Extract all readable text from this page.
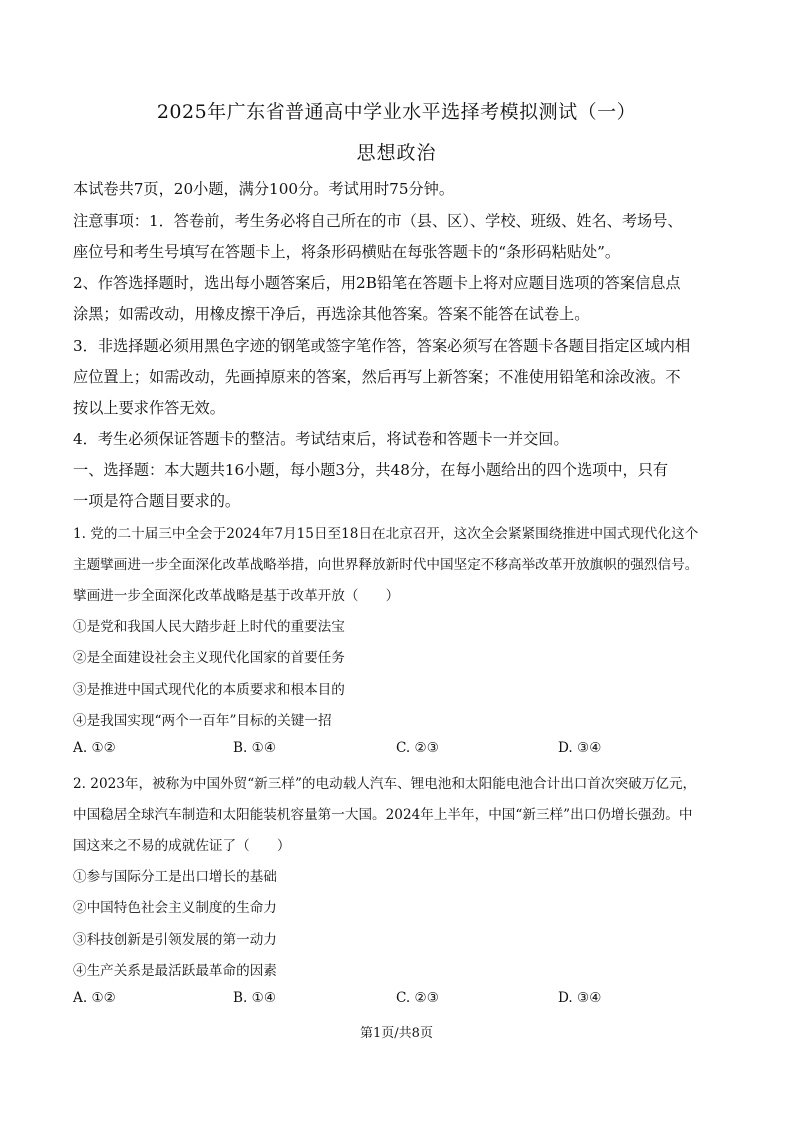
2025年广东省普通高中学业水平选择考模拟测试（一）
思想政治
本试卷共7页，20小题，满分100分。考试用时75分钟。
注意事项：1．答卷前，考生务必将自己所在的市（县、区）、学校、班级、姓名、考场号、
座位号和考生号填写在答题卡上，将条形码横贴在每张答题卡的“条形码粘贴处”。
2、作答选择题时，选出每小题答案后，用2B铅笔在答题卡上将对应题目选项的答案信息点
涂黑；如需改动，用橡皮擦干净后，再选涂其他答案。答案不能答在试卷上。
3．非选择题必须用黑色字迹的钢笔或签字笔作答，答案必须写在答题卡各题目指定区域内相
应位置上；如需改动，先画掉原来的答案，然后再写上新答案；不准使用铅笔和涂改液。不
按以上要求作答无效。
4．考生必须保证答题卡的整洁。考试结束后，将试卷和答题卡一并交回。
一、选择题：本大题共16小题，每小题3分，共48分，在每小题给出的四个选项中，只有
一项是符合题目要求的。
1. 党的二十届三中全会于2024年7月15日至18日在北京召开，这次全会紧紧围绕推进中国式现代化这个
主题擘画进一步全面深化改革战略举措，向世界释放新时代中国坚定不移高举改革开放旗帜的强烈信号。
擘画进一步全面深化改革战略是基于改革开放（　　）
①是党和我国人民大踏步赶上时代的重要法宝
②是全面建设社会主义现代化国家的首要任务
③是推进中国式现代化的本质要求和根本目的
④是我国实现“两个一百年”目标的关键一招
A. ①②	B. ①④	C. ②③	D. ③④
2. 2023年，被称为中国外贸“新三样”的电动载人汽车、锂电池和太阳能电池合计出口首次突破万亿元，
中国稳居全球汽车制造和太阳能装机容量第一大国。2024年上半年，中国“新三样”出口仍增长强劲。中
国这来之不易的成就佐证了（　　）
①参与国际分工是出口增长的基础
②中国特色社会主义制度的生命力
③科技创新是引领发展的第一动力
④生产关系是最活跃最革命的因素
A. ①②	B. ①④	C. ②③	D. ③④
第1页/共8页
